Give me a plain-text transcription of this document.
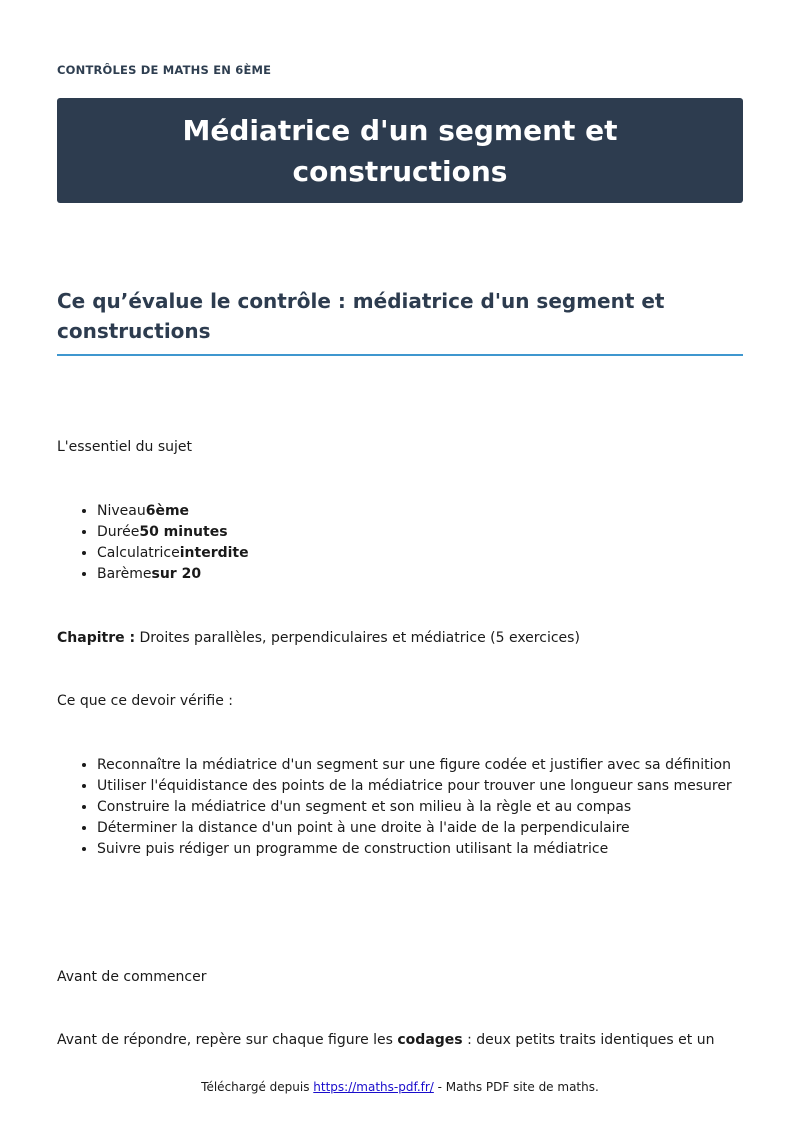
CONTRÔLES DE MATHS EN 6ÈME
Médiatrice d'un segment et constructions
Ce qu’évalue le contrôle : médiatrice d'un segment et constructions

L'essentiel du sujet

• Niveau6ème
• Durée50 minutes
• Calculatriceinterdite
• Barèmesur 20

Chapitre : Droites parallèles, perpendiculaires et médiatrice (5 exercices)

Ce que ce devoir vérifie :

• Reconnaître la médiatrice d'un segment sur une figure codée et justifier avec sa définition
• Utiliser l'équidistance des points de la médiatrice pour trouver une longueur sans mesurer
• Construire la médiatrice d'un segment et son milieu à la règle et au compas
• Déterminer la distance d'un point à une droite à l'aide de la perpendiculaire
• Suivre puis rédiger un programme de construction utilisant la médiatrice

Avant de commencer

Avant de répondre, repère sur chaque figure les codages : deux petits traits identiques et un

Téléchargé depuis https://maths-pdf.fr/ - Maths PDF site de maths.
